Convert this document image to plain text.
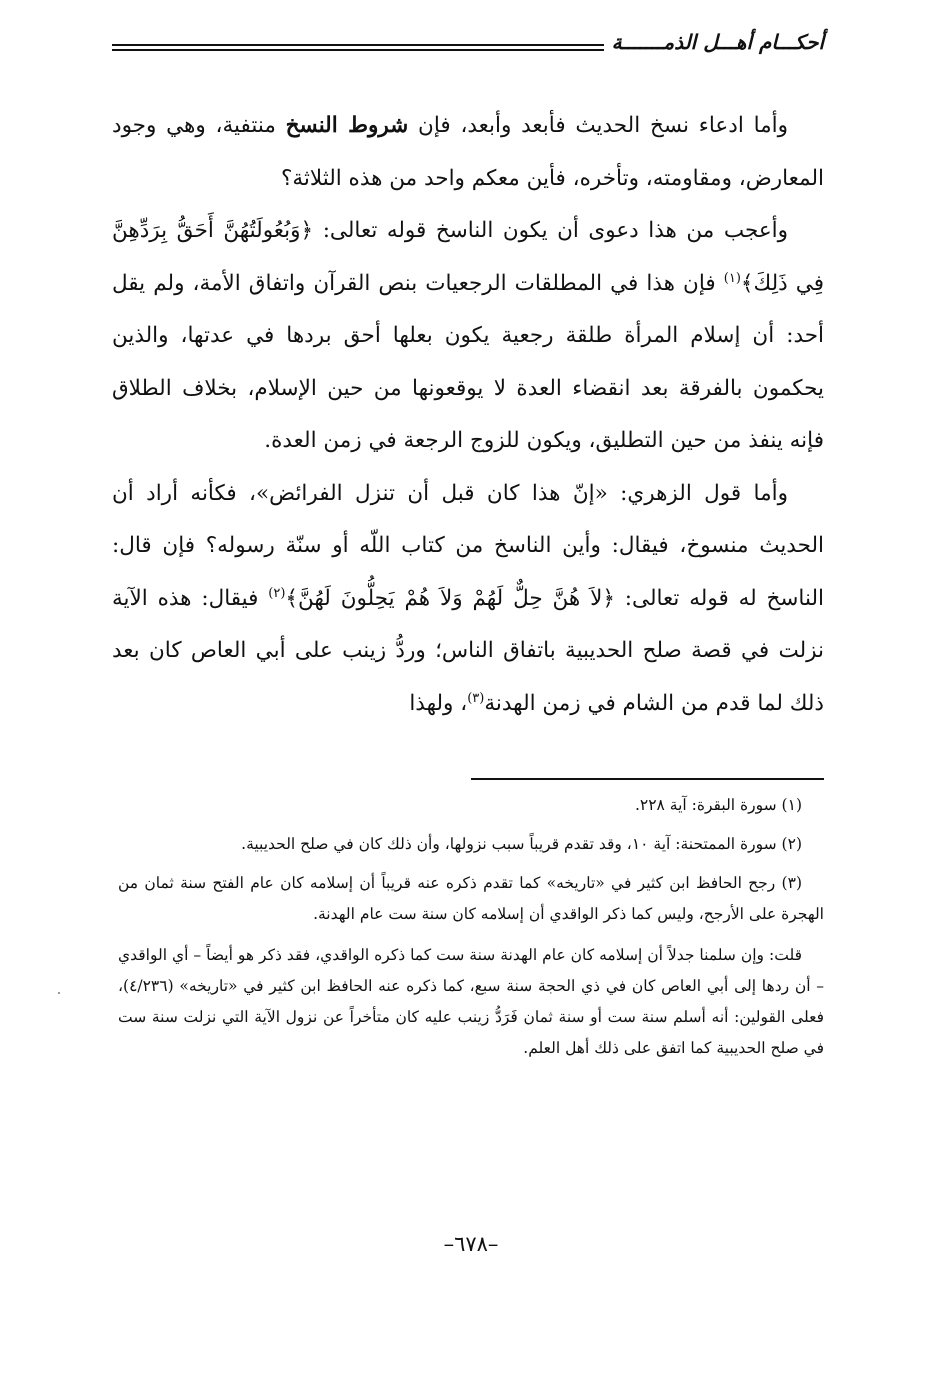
أحكـــام أهـــل الذمـــــــة

وأما ادعاء نسخ الحديث فأبعد وأبعد، فإن شروط النسخ منتفية، وهي وجود المعارض، ومقاومته، وتأخره، فأين معكم واحد من هذه الثلاثة؟

وأعجب من هذا دعوى أن يكون الناسخ قوله تعالى: ﴿وَبُعُولَتُهُنَّ أَحَقُّ بِرَدِّهِنَّ فِي ذَلِكَ﴾$^{(١)}$ فإن هذا في المطلقات الرجعيات بنص القرآن واتفاق الأمة، ولم يقل أحد: أن إسلام المرأة طلقة رجعية يكون بعلها أحق بردها في عدتها، والذين يحكمون بالفرقة بعد انقضاء العدة لا يوقعونها من حين الإسلام، بخلاف الطلاق فإنه ينفذ من حين التطليق، ويكون للزوج الرجعة في زمن العدة.

وأما قول الزهري: «إنّ هذا كان قبل أن تنزل الفرائض»، فكأنه أراد أن الحديث منسوخ، فيقال: وأين الناسخ من كتاب اللّه أو سنّة رسوله؟ فإن قال: الناسخ له قوله تعالى: ﴿لاَ هُنَّ حِلٌّ لَهُمْ وَلاَ هُمْ يَحِلُّونَ لَهُنَّ﴾$^{(٢)}$ فيقال: هذه الآية نزلت في قصة صلح الحديبية باتفاق الناس؛ وردُّ زينب على أبي العاص كان بعد ذلك لما قدم من الشام في زمن الهدنة$^{(٣)}$، ولهذا

(١) سورة البقرة: آية ٢٢٨.

(٢) سورة الممتحنة: آية ١٠، وقد تقدم قريباً سبب نزولها، وأن ذلك كان في صلح الحديبية.

(٣) رجح الحافظ ابن كثير في «تاريخه» كما تقدم ذكره عنه قريباً أن إسلامه كان عام الفتح سنة ثمان من الهجرة على الأرجح، وليس كما ذكر الواقدي أن إسلامه كان سنة ست عام الهدنة.

قلت: وإن سلمنا جدلاً أن إسلامه كان عام الهدنة سنة ست كما ذكره الواقدي، فقد ذكر هو أيضاً – أي الواقدي – أن ردها إلى أبي العاص كان في ذي الحجة سنة سبع، كما ذكره عنه الحافظ ابن كثير في «تاريخه» (٤/٢٣٦)، فعلى القولين: أنه أسلم سنة ست أو سنة ثمان فَرَدُّ زينب عليه كان متأخراً عن نزول الآية التي نزلت سنة ست في صلح الحديبية كما اتفق على ذلك أهل العلم.

–٦٧٨–
